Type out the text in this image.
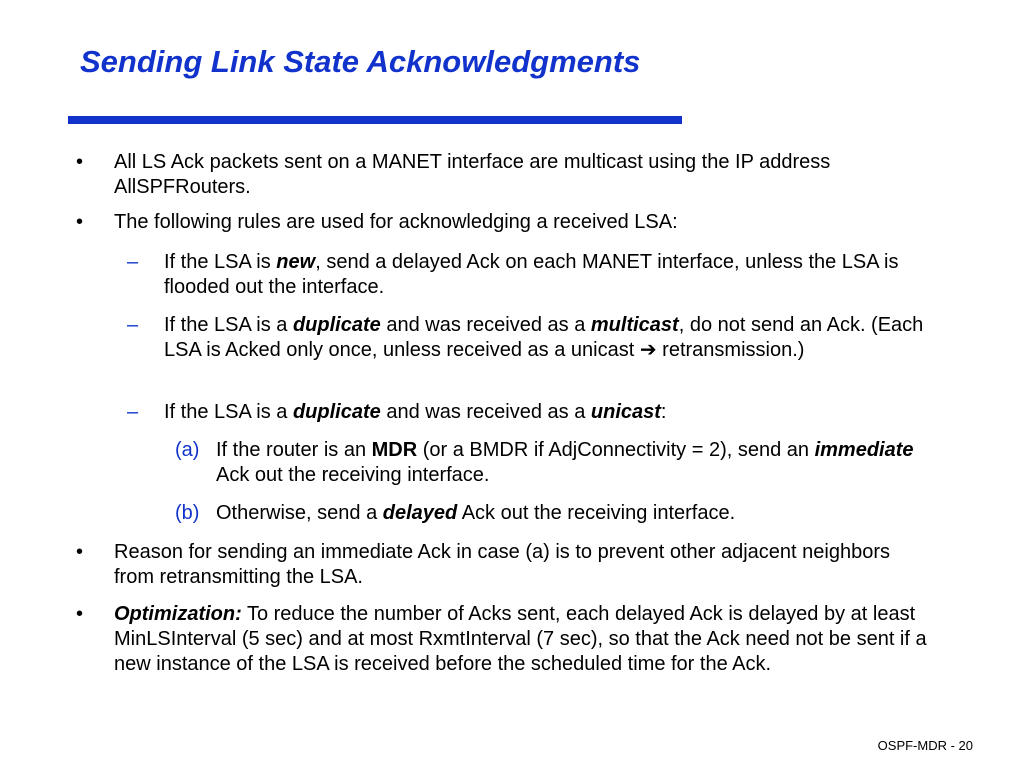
Sending Link State Acknowledgments
• All LS Ack packets sent on a MANET interface are multicast using the IP address AllSPFRouters.
• The following rules are used for acknowledging a received LSA:
– If the LSA is new, send a delayed Ack on each MANET interface, unless the LSA is flooded out the interface.
– If the LSA is a duplicate and was received as a multicast, do not send an Ack. (Each LSA is Acked only once, unless received as a unicast ➔ retransmission.)
– If the LSA is a duplicate and was received as a unicast:
(a) If the router is an MDR (or a BMDR if AdjConnectivity = 2), send an immediate Ack out the receiving interface.
(b) Otherwise, send a delayed Ack out the receiving interface.
• Reason for sending an immediate Ack in case (a) is to prevent other adjacent neighbors from retransmitting the LSA.
• Optimization: To reduce the number of Acks sent, each delayed Ack is delayed by at least MinLSInterval (5 sec) and at most RxmtInterval (7 sec), so that the Ack need not be sent if a new instance of the LSA is received before the scheduled time for the Ack.
OSPF-MDR - 20
